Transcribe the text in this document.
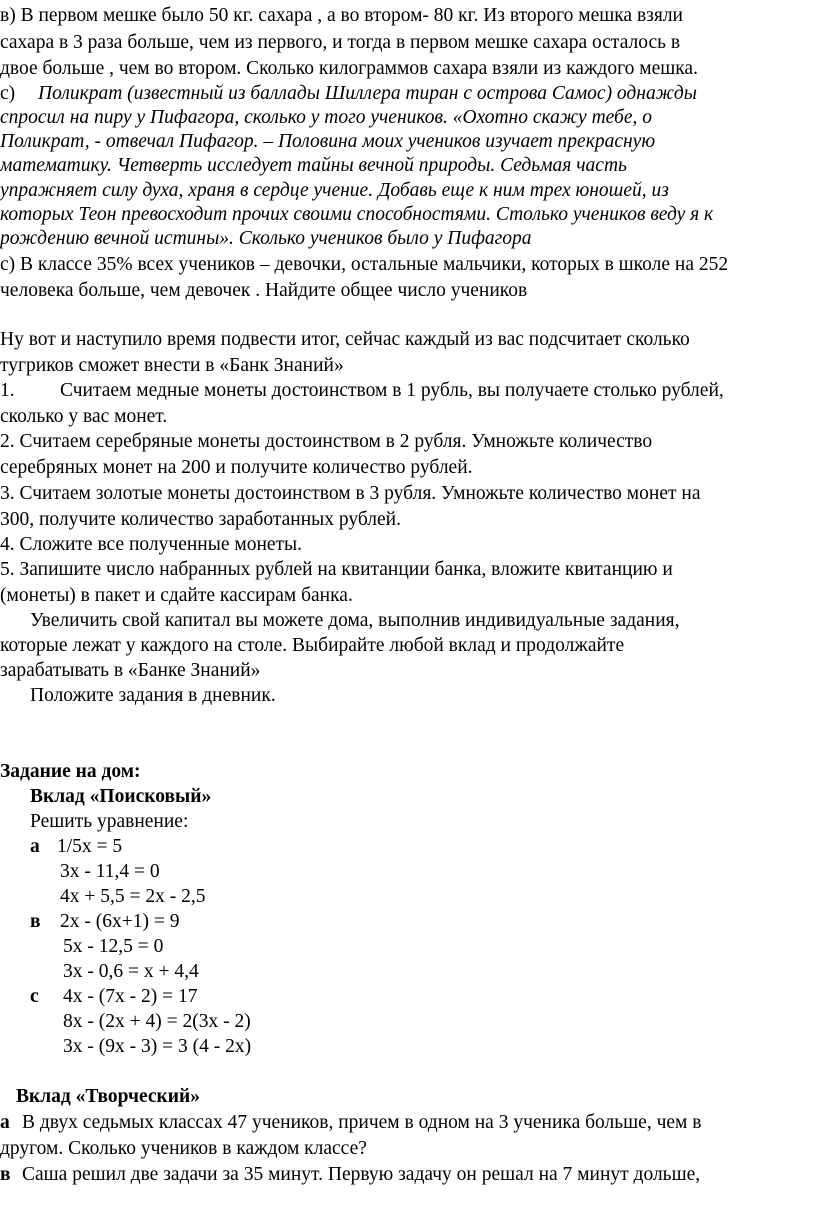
в) В первом мешке было 50 кг. сахара , а во втором- 80 кг. Из второго мешка взяли
сахара в 3 раза больше, чем из первого, и тогда в первом мешке сахара осталось в
двое больше , чем во втором. Сколько килограммов сахара взяли из каждого мешка.
с) Поликрат (известный из баллады Шиллера тиран с острова Самос) однажды
спросил на пиру у Пифагора, сколько у того учеников. «Охотно скажу тебе, о
Поликрат, - отвечал Пифагор. – Половина моих учеников изучает прекрасную
математику. Четверть исследует тайны вечной природы. Седьмая часть
упражняет силу духа, храня в сердце учение. Добавь еще к ним трех юношей, из
которых Теон превосходит прочих своими способностями. Столько учеников веду я к
рождению вечной истины». Сколько учеников было у Пифагора
с) В классе 35% всех учеников – девочки, остальные мальчики, которых в школе на 252
человека больше, чем девочек . Найдите общее число учеников
Ну вот и наступило время подвести итог, сейчас каждый из вас подсчитает сколько
тугриков сможет внести в «Банк Знаний»
1. Считаем медные монеты достоинством в 1 рубль, вы получаете столько рублей,
сколько у вас монет.
2. Считаем серебряные монеты достоинством в 2 рубля. Умножьте количество
серебряных монет на 200 и получите количество рублей.
3. Считаем золотые монеты достоинством в 3 рубля. Умножьте количество монет на
300, получите количество заработанных рублей.
4. Сложите все полученные монеты.
5. Запишите число набранных рублей на квитанции банка, вложите квитанцию и
(монеты) в пакет и сдайте кассирам банка.
Увеличить свой капитал вы можете дома, выполнив индивидуальные задания,
которые лежат у каждого на столе. Выбирайте любой вклад и продолжайте
зарабатывать в «Банке Знаний»
Положите задания в дневник.
Задание на дом:
Вклад «Поисковый»
Решить уравнение:
а 1/5х = 5
3х - 11,4 = 0
4х + 5,5 = 2х - 2,5
в 2х - (6х+1) = 9
5х - 12,5 = 0
3х - 0,6 = х + 4,4
с 4х - (7х - 2) = 17
8х - (2х + 4) = 2(3х - 2)
3х - (9х - 3) = 3 (4 - 2х)
Вклад «Творческий»
а В двух седьмых классах 47 учеников, причем в одном на 3 ученика больше, чем в
другом. Сколько учеников в каждом классе?
в Саша решил две задачи за 35 минут. Первую задачу он решал на 7 минут дольше,
